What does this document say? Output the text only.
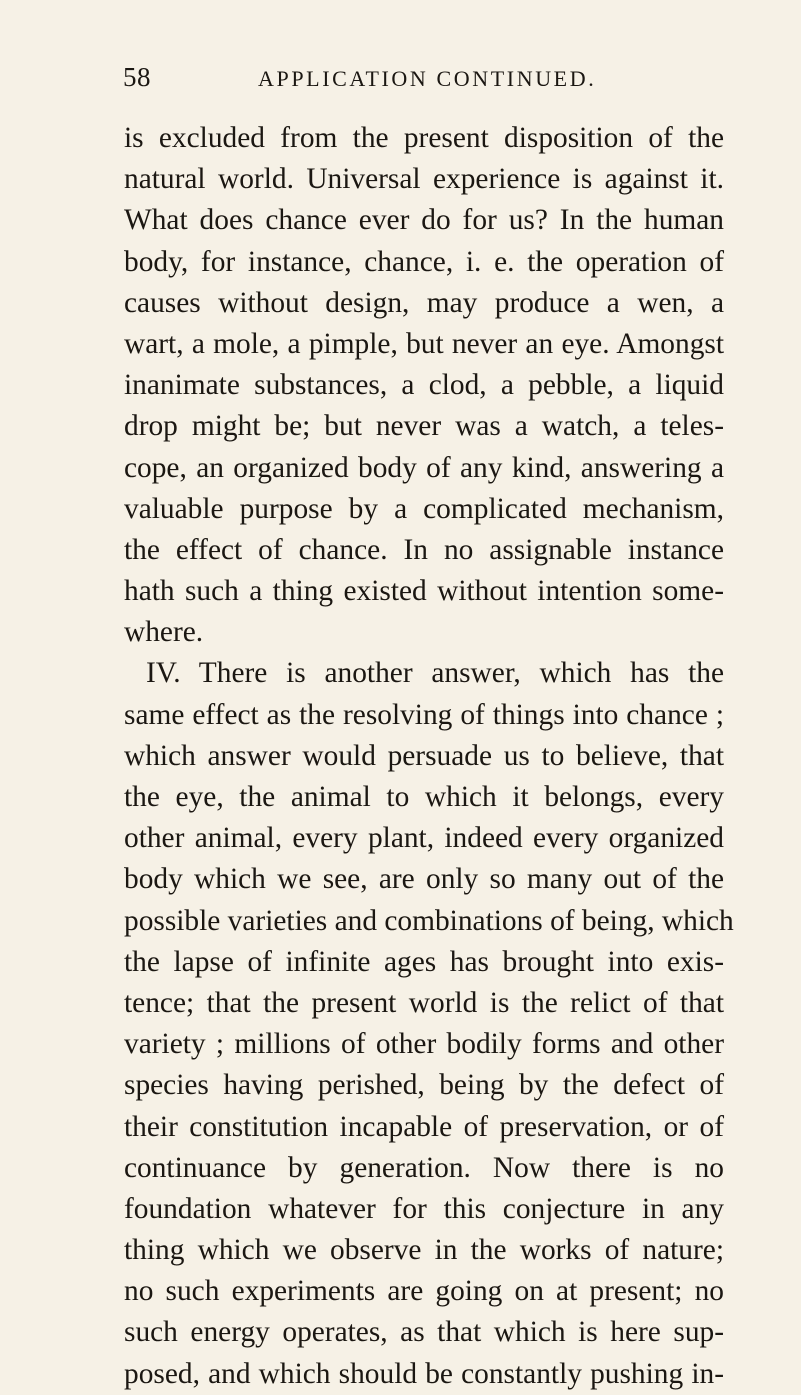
58	APPLICATION CONTINUED.
is excluded from the present disposition of the
natural world. Universal experience is against it.
What does chance ever do for us? In the human
body, for instance, chance, i. e. the operation of
causes without design, may produce a wen, a
wart, a mole, a pimple, but never an eye. Amongst
inanimate substances, a clod, a pebble, a liquid
drop might be; but never was a watch, a teles-
cope, an organized body of any kind, answering a
valuable purpose by a complicated mechanism,
the effect of chance. In no assignable instance
hath such a thing existed without intention some-
where.
IV. There is another answer, which has the
same effect as the resolving of things into chance ;
which answer would persuade us to believe, that
the eye, the animal to which it belongs, every
other animal, every plant, indeed every organized
body which we see, are only so many out of the
possible varieties and combinations of being, which
the lapse of infinite ages has brought into exis-
tence; that the present world is the relict of that
variety ; millions of other bodily forms and other
species having perished, being by the defect of
their constitution incapable of preservation, or of
continuance by generation. Now there is no
foundation whatever for this conjecture in any
thing which we observe in the works of nature;
no such experiments are going on at present; no
such energy operates, as that which is here sup-
posed, and which should be constantly pushing in-
